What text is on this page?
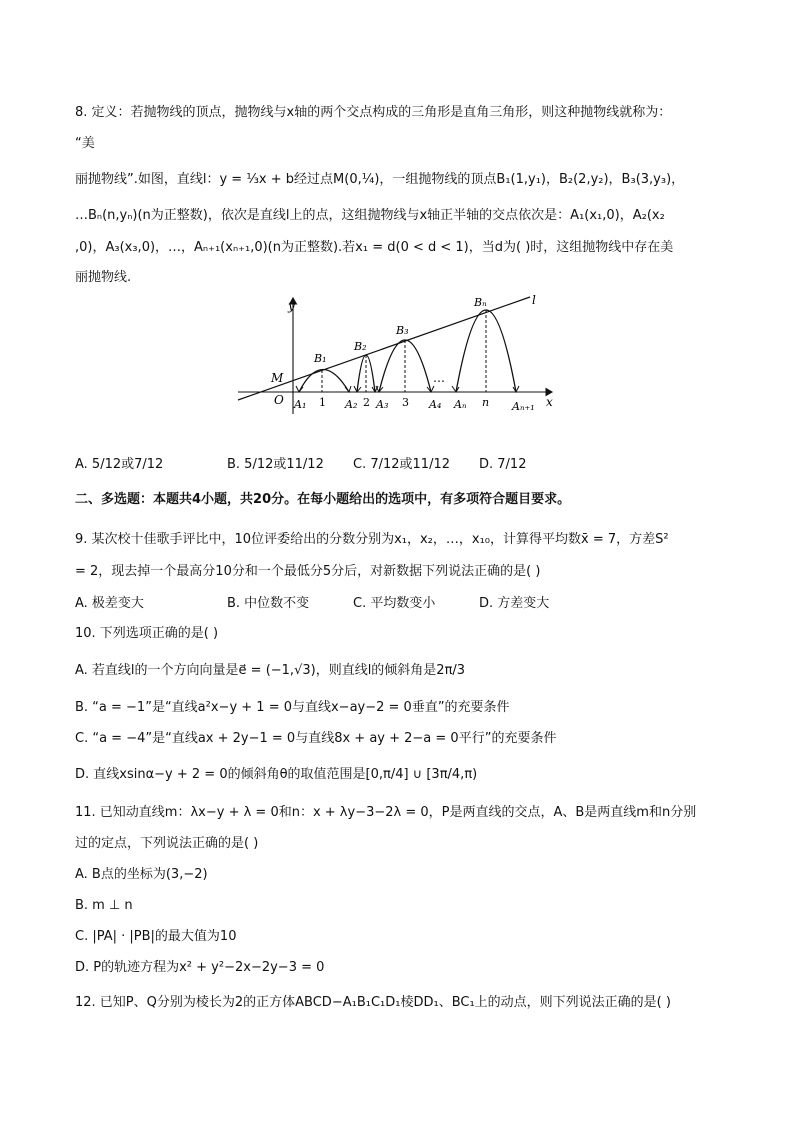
8. 定义：若抛物线的顶点，抛物线与x轴的两个交点构成的三角形是直角三角形，则这种抛物线就称为：
“美
丽抛物线”.如图，直线l：y = ⅓x + b经过点M(0,¼)，一组抛物线的顶点B₁(1,y₁)，B₂(2,y₂)，B₃(3,y₃)，
…Bₙ(n,yₙ)(n为正整数)，依次是直线l上的点，这组抛物线与x轴正半轴的交点依次是：A₁(x₁,0)，A₂(x₂
,0)，A₃(x₃,0)，…，Aₙ₊₁(xₙ₊₁,0)(n为正整数).若x₁ = d(0 < d < 1)，当d为( )时，这组抛物线中存在美
丽抛物线.
y
x
l
M
O A₁ 1 A₂ 2 A₃ 3 A₄ Aₙ n Aₙ₊₁
B₁
B₂
B₃
Bₙ
…
A. 5/12或7/12	B. 5/12或11/12 C. 7/12或11/12 D. 7/12
二、多选题：本题共4小题，共20分。在每小题给出的选项中，有多项符合题目要求。
9. 某次校十佳歌手评比中，10位评委给出的分数分别为x₁，x₂，…，x₁₀，计算得平均数x̄ = 7，方差S²
= 2，现去掉一个最高分10分和一个最低分5分后，对新数据下列说法正确的是( )
A. 极差变大	B. 中位数不变	C. 平均数变小	D. 方差变大
10. 下列选项正确的是( )
A. 若直线l的一个方向向量是e⃗ = (−1,√3)，则直线l的倾斜角是2π/3
B. “a = −1”是“直线a²x−y + 1 = 0与直线x−ay−2 = 0垂直”的充要条件
C. “a = −4”是“直线ax + 2y−1 = 0与直线8x + ay + 2−a = 0平行”的充要条件
D. 直线xsinα−y + 2 = 0的倾斜角θ的取值范围是[0,π/4] ∪ [3π/4,π)
11. 已知动直线m：λx−y + λ = 0和n：x + λy−3−2λ = 0，P是两直线的交点，A、B是两直线m和n分别
过的定点，下列说法正确的是( )
A. B点的坐标为(3,−2)
B. m ⊥ n
C. |PA| · |PB|的最大值为10
D. P的轨迹方程为x² + y²−2x−2y−3 = 0
12. 已知P、Q分别为棱长为2的正方体ABCD−A₁B₁C₁D₁棱DD₁、BC₁上的动点，则下列说法正确的是( )
